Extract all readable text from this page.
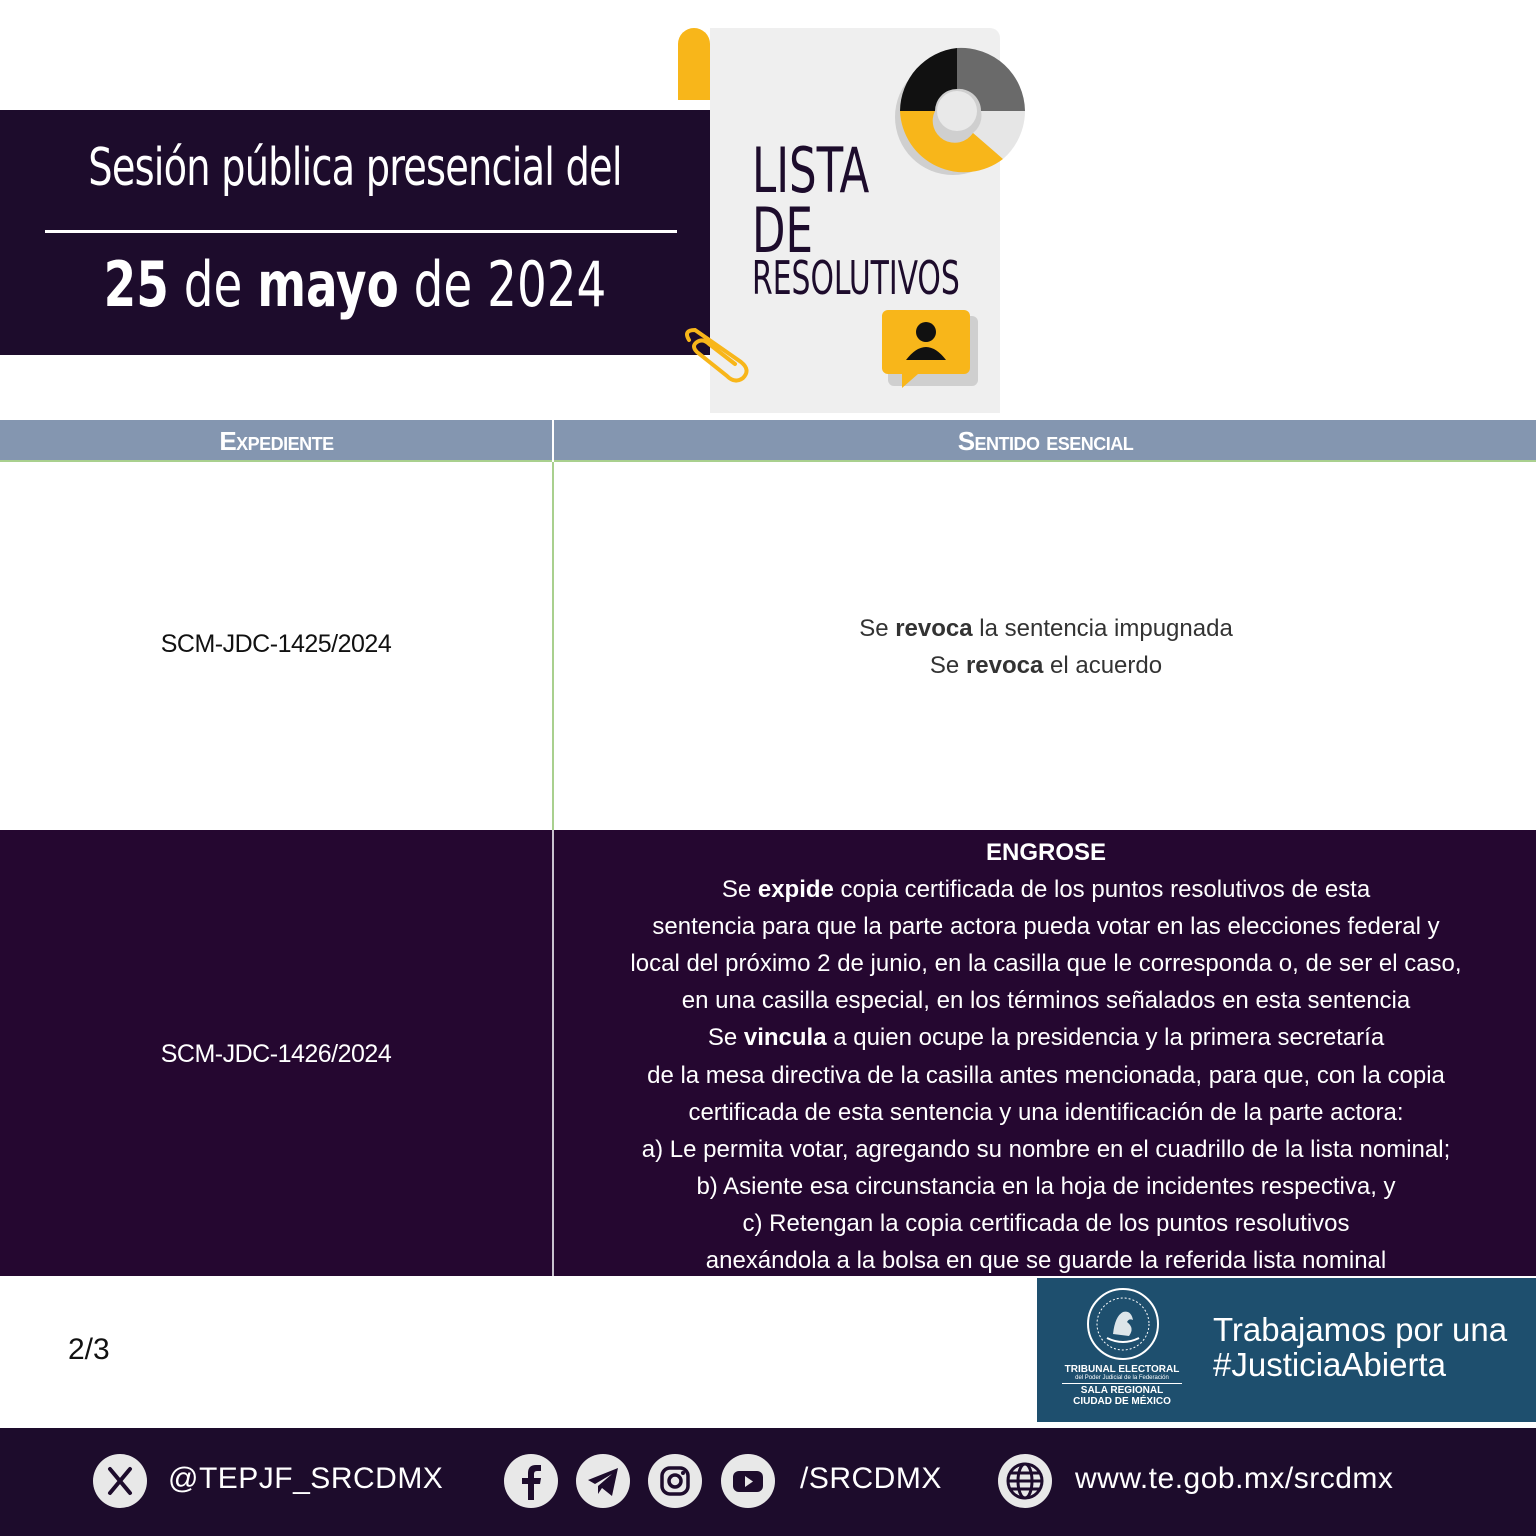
Sesión pública presencial del
25 de mayo de 2024
LISTA
DE
RESOLUTIVOS
Expediente	Sentido esencial
SCM-JDC-1425/2024
Se revoca la sentencia impugnada
Se revoca el acuerdo
SCM-JDC-1426/2024
ENGROSE
Se expide copia certificada de los puntos resolutivos de esta
sentencia para que la parte actora pueda votar en las elecciones federal y
local del próximo 2 de junio, en la casilla que le corresponda o, de ser el caso,
en una casilla especial, en los términos señalados en esta sentencia
Se vincula a quien ocupe la presidencia y la primera secretaría
de la mesa directiva de la casilla antes mencionada, para que, con la copia
certificada de esta sentencia y una identificación de la parte actora:
a) Le permita votar, agregando su nombre en el cuadrillo de la lista nominal;
b) Asiente esa circunstancia en la hoja de incidentes respectiva, y
c) Retengan la copia certificada de los puntos resolutivos
anexándola a la bolsa en que se guarde la referida lista nominal
2/3
TRIBUNAL ELECTORAL
del Poder Judicial de la Federación
SALA REGIONAL
CIUDAD DE MÉXICO
Trabajamos por una
#JusticiaAbierta
@TEPJF_SRCDMX	/SRCDMX	www.te.gob.mx/srcdmx
